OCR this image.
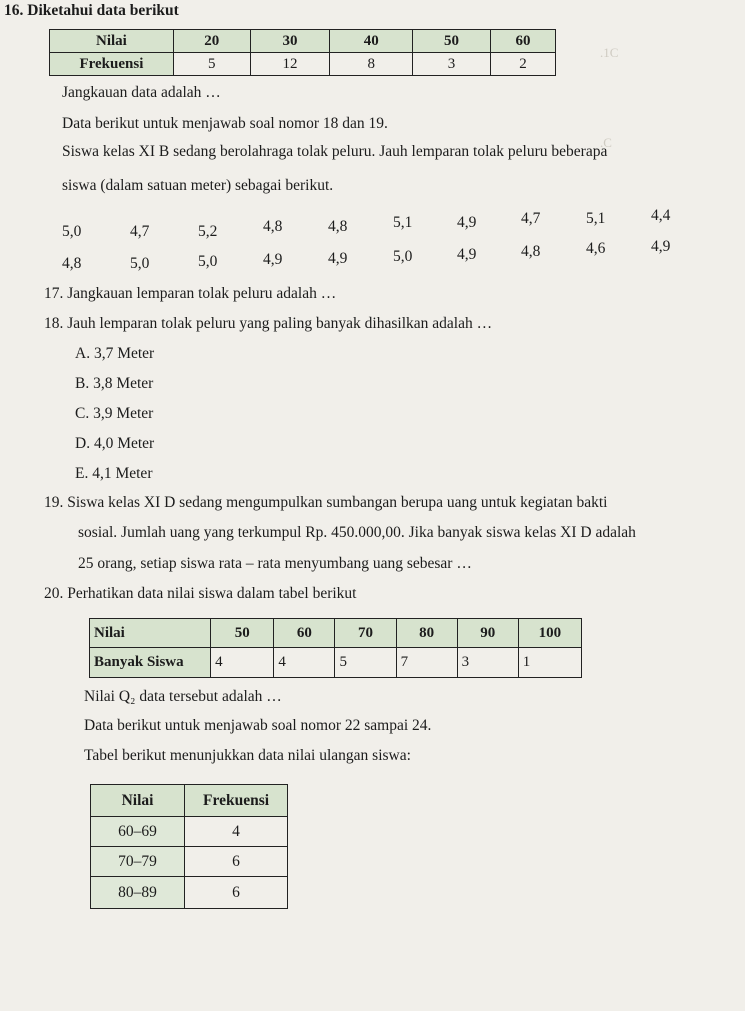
.1C
.C
16. Diketahui data berikut
Nilai	20	30	40	50	60
Frekuensi	5	12	8	3	2
Jangkauan data adalah …
Data berikut untuk menjawab soal nomor 18 dan 19.
Siswa kelas XI B sedang berolahraga tolak peluru. Jauh lemparan tolak peluru beberapa
siswa (dalam satuan meter) sebagai berikut.
5,0	4,7	5,2	4,8	4,8	5,1	4,9	4,7	5,1	4,4
4,8	5,0	5,0	4,9	4,9	5,0	4,9	4,8	4,6	4,9
17. Jangkauan lemparan tolak peluru adalah …
18. Jauh lemparan tolak peluru yang paling banyak dihasilkan adalah …
A. 3,7 Meter
B. 3,8 Meter
C. 3,9 Meter
D. 4,0 Meter
E. 4,1 Meter
19. Siswa kelas XI D sedang mengumpulkan sumbangan berupa uang untuk kegiatan bakti
sosial. Jumlah uang yang terkumpul Rp. 450.000,00. Jika banyak siswa kelas XI D adalah
25 orang, setiap siswa rata – rata menyumbang uang sebesar …
20. Perhatikan data nilai siswa dalam tabel berikut
Nilai	50	60	70	80	90	100
Banyak Siswa	4	4	5	7	3	1
Nilai Q₂ data tersebut adalah …
Data berikut untuk menjawab soal nomor 22 sampai 24.
Tabel berikut menunjukkan data nilai ulangan siswa:
Nilai	Frekuensi
60–69	4
70–79	6
80–89	6
